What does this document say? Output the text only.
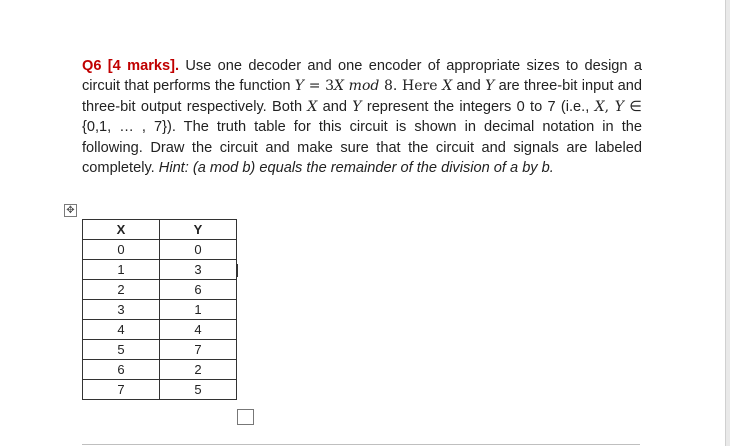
Q6 [4 marks]. Use one decoder and one encoder of appropriate sizes to design a circuit that performs the function Y = 3X mod 8. Here X and Y are three-bit input and three-bit output respectively. Both X and Y represent the integers 0 to 7 (i.e., X, Y ∈ {0,1, … , 7}). The truth table for this circuit is shown in decimal notation in the following. Draw the circuit and make sure that the circuit and signals are labeled completely. Hint: (a mod b) equals the remainder of the division of a by b.
✥
X	Y
0	0
1	3
2	6
3	1
4	4
5	7
6	2
7	5
